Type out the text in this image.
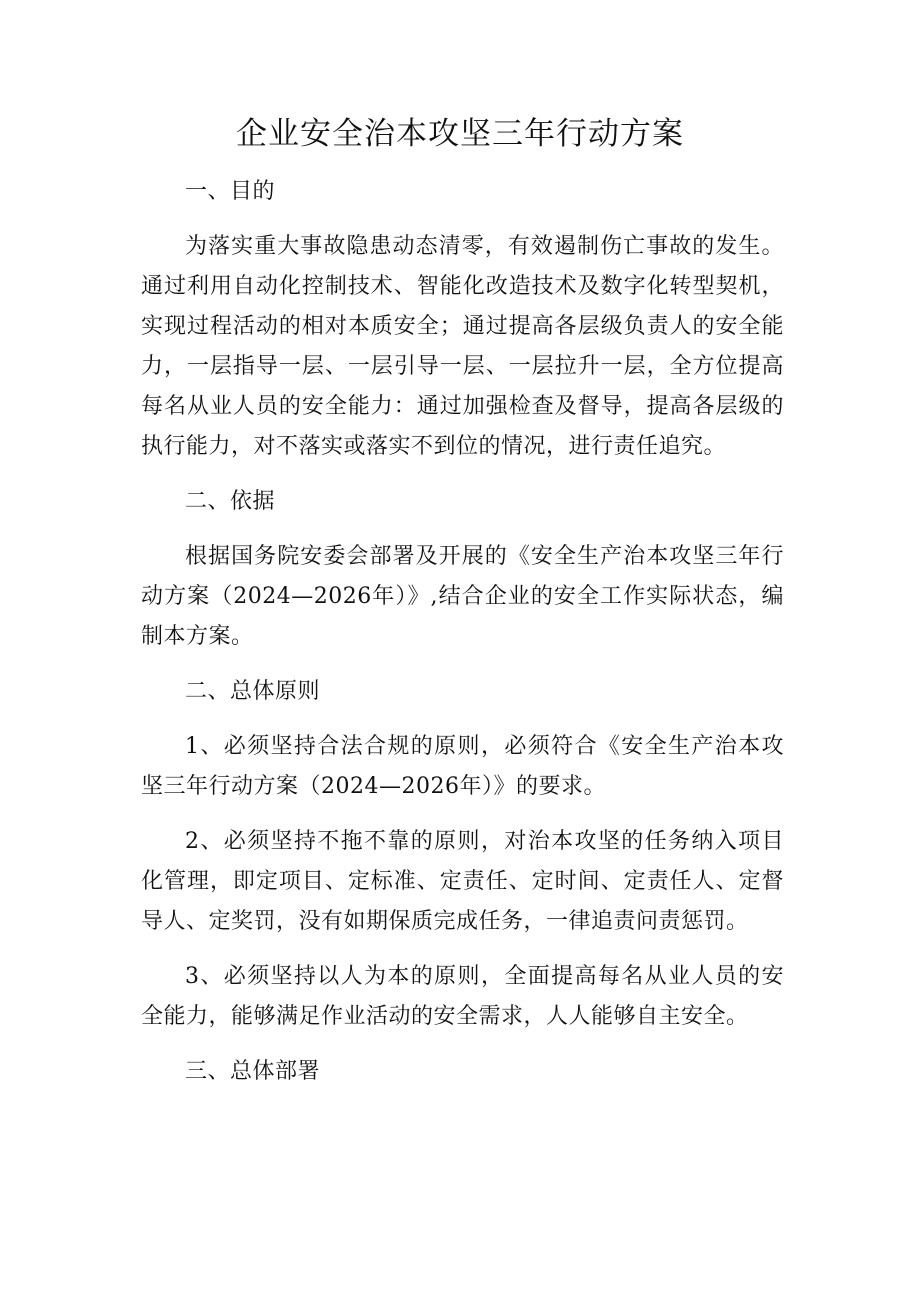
企业安全治本攻坚三年行动方案

一、目的

为落实重大事故隐患动态清零，有效遏制伤亡事故的发生。通过利用自动化控制技术、智能化改造技术及数字化转型契机，实现过程活动的相对本质安全；通过提高各层级负责人的安全能力，一层指导一层、一层引导一层、一层拉升一层，全方位提高每名从业人员的安全能力：通过加强检查及督导，提高各层级的执行能力，对不落实或落实不到位的情况，进行责任追究。

二、依据

根据国务院安委会部署及开展的《安全生产治本攻坚三年行动方案（2024—2026年）》,结合企业的安全工作实际状态，编制本方案。

二、总体原则

1、必须坚持合法合规的原则，必须符合《安全生产治本攻坚三年行动方案（2024—2026年）》的要求。

2、必须坚持不拖不靠的原则，对治本攻坚的任务纳入项目化管理，即定项目、定标准、定责任、定时间、定责任人、定督导人、定奖罚，没有如期保质完成任务，一律追责问责惩罚。

3、必须坚持以人为本的原则，全面提高每名从业人员的安全能力，能够满足作业活动的安全需求，人人能够自主安全。

三、总体部署
